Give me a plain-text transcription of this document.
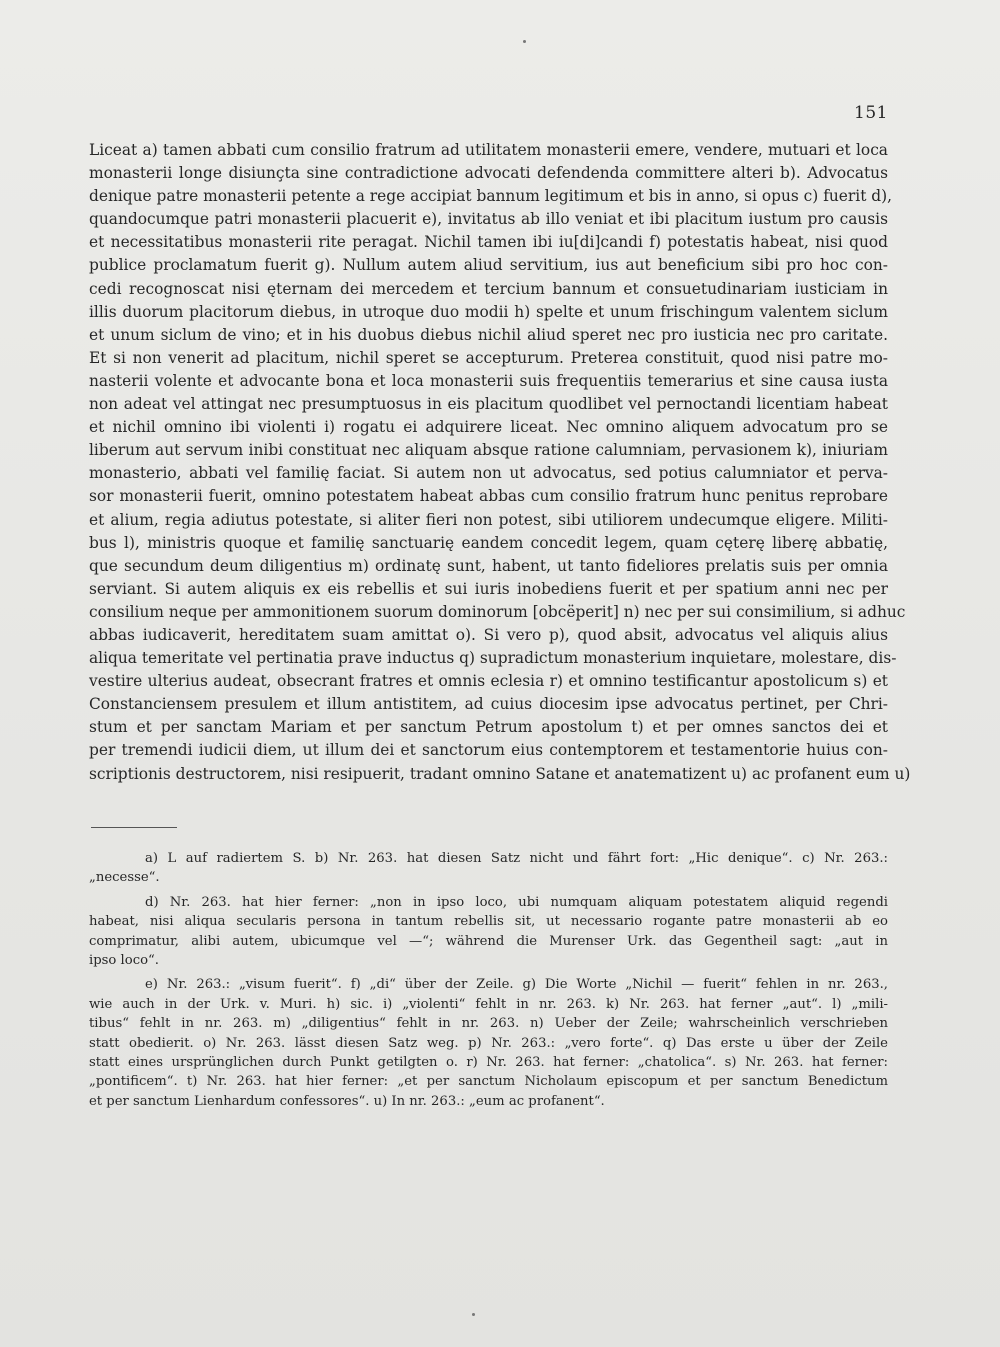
151
Liceat a) tamen abbati cum consilio fratrum ad utilitatem monasterii emere, vendere, mutuari et loca
monasterii longe disiunçta sine contradictione advocati defendenda committere alteri b). Advocatus
denique patre monasterii petente a rege accipiat bannum legitimum et bis in anno, si opus c) fuerit d),
quandocumque patri monasterii placuerit e), invitatus ab illo veniat et ibi placitum iustum pro causis
et necessitatibus monasterii rite peragat. Nichil tamen ibi iu[di]candi f) potestatis habeat, nisi quod
publice proclamatum fuerit g). Nullum autem aliud servitium, ius aut beneficium sibi pro hoc con-
cedi recognoscat nisi ęternam dei mercedem et tercium bannum et consuetudinariam iusticiam in
illis duorum placitorum diebus, in utroque duo modii h) spelte et unum frischingum valentem siclum
et unum siclum de vino; et in his duobus diebus nichil aliud speret nec pro iusticia nec pro caritate.
Et si non venerit ad placitum, nichil speret se accepturum. Preterea constituit, quod nisi patre mo-
nasterii volente et advocante bona et loca monasterii suis frequentiis temerarius et sine causa iusta
non adeat vel attingat nec presumptuosus in eis placitum quodlibet vel pernoctandi licentiam habeat
et nichil omnino ibi violenti i) rogatu ei adquirere liceat. Nec omnino aliquem advocatum pro se
liberum aut servum inibi constituat nec aliquam absque ratione calumniam, pervasionem k), iniuriam
monasterio, abbati vel familię faciat. Si autem non ut advocatus, sed potius calumniator et perva-
sor monasterii fuerit, omnino potestatem habeat abbas cum consilio fratrum hunc penitus reprobare
et alium, regia adiutus potestate, si aliter fieri non potest, sibi utiliorem undecumque eligere. Militi-
bus l), ministris quoque et familię sanctuarię eandem concedit legem, quam cęterę liberę abbatię,
que secundum deum diligentius m) ordinatę sunt, habent, ut tanto fideliores prelatis suis per omnia
serviant. Si autem aliquis ex eis rebellis et sui iuris inobediens fuerit et per spatium anni nec per
consilium neque per ammonitionem suorum dominorum [obcëperit] n) nec per sui consimilium, si adhuc
abbas iudicaverit, hereditatem suam amittat o). Si vero p), quod absit, advocatus vel aliquis alius
aliqua temeritate vel pertinatia prave inductus q) supradictum monasterium inquietare, molestare, dis-
vestire ulterius audeat, obsecrant fratres et omnis eclesia r) et omnino testificantur apostolicum s) et
Constanciensem presulem et illum antistitem, ad cuius diocesim ipse advocatus pertinet, per Chri-
stum et per sanctam Mariam et per sanctum Petrum apostolum t) et per omnes sanctos dei et
per tremendi iudicii diem, ut illum dei et sanctorum eius contemptorem et testamentorie huius con-
scriptionis destructorem, nisi resipuerit, tradant omnino Satane et anatematizent u) ac profanent eum u)
a) L auf radiertem S. b) Nr. 263. hat diesen Satz nicht und fährt fort: „Hic denique“. c) Nr. 263.:
„necesse“.
d) Nr. 263. hat hier ferner: „non in ipso loco, ubi numquam aliquam potestatem aliquid regendi
habeat, nisi aliqua secularis persona in tantum rebellis sit, ut necessario rogante patre monasterii ab eo
comprimatur, alibi autem, ubicumque vel —“; während die Murenser Urk. das Gegentheil sagt: „aut in
ipso loco“.
e) Nr. 263.: „visum fuerit“. f) „di“ über der Zeile. g) Die Worte „Nichil — fuerit“ fehlen in nr. 263.,
wie auch in der Urk. v. Muri. h) sic. i) „violenti“ fehlt in nr. 263. k) Nr. 263. hat ferner „aut“. l) „mili-
tibus“ fehlt in nr. 263. m) „diligentius“ fehlt in nr. 263. n) Ueber der Zeile; wahrscheinlich verschrieben
statt obedierit. o) Nr. 263. lässt diesen Satz weg. p) Nr. 263.: „vero forte“. q) Das erste u über der Zeile
statt eines ursprünglichen durch Punkt getilgten o. r) Nr. 263. hat ferner: „chatolica“. s) Nr. 263. hat ferner:
„pontificem“. t) Nr. 263. hat hier ferner: „et per sanctum Nicholaum episcopum et per sanctum Benedictum
et per sanctum Lienhardum confessores“. u) In nr. 263.: „eum ac profanent“.
